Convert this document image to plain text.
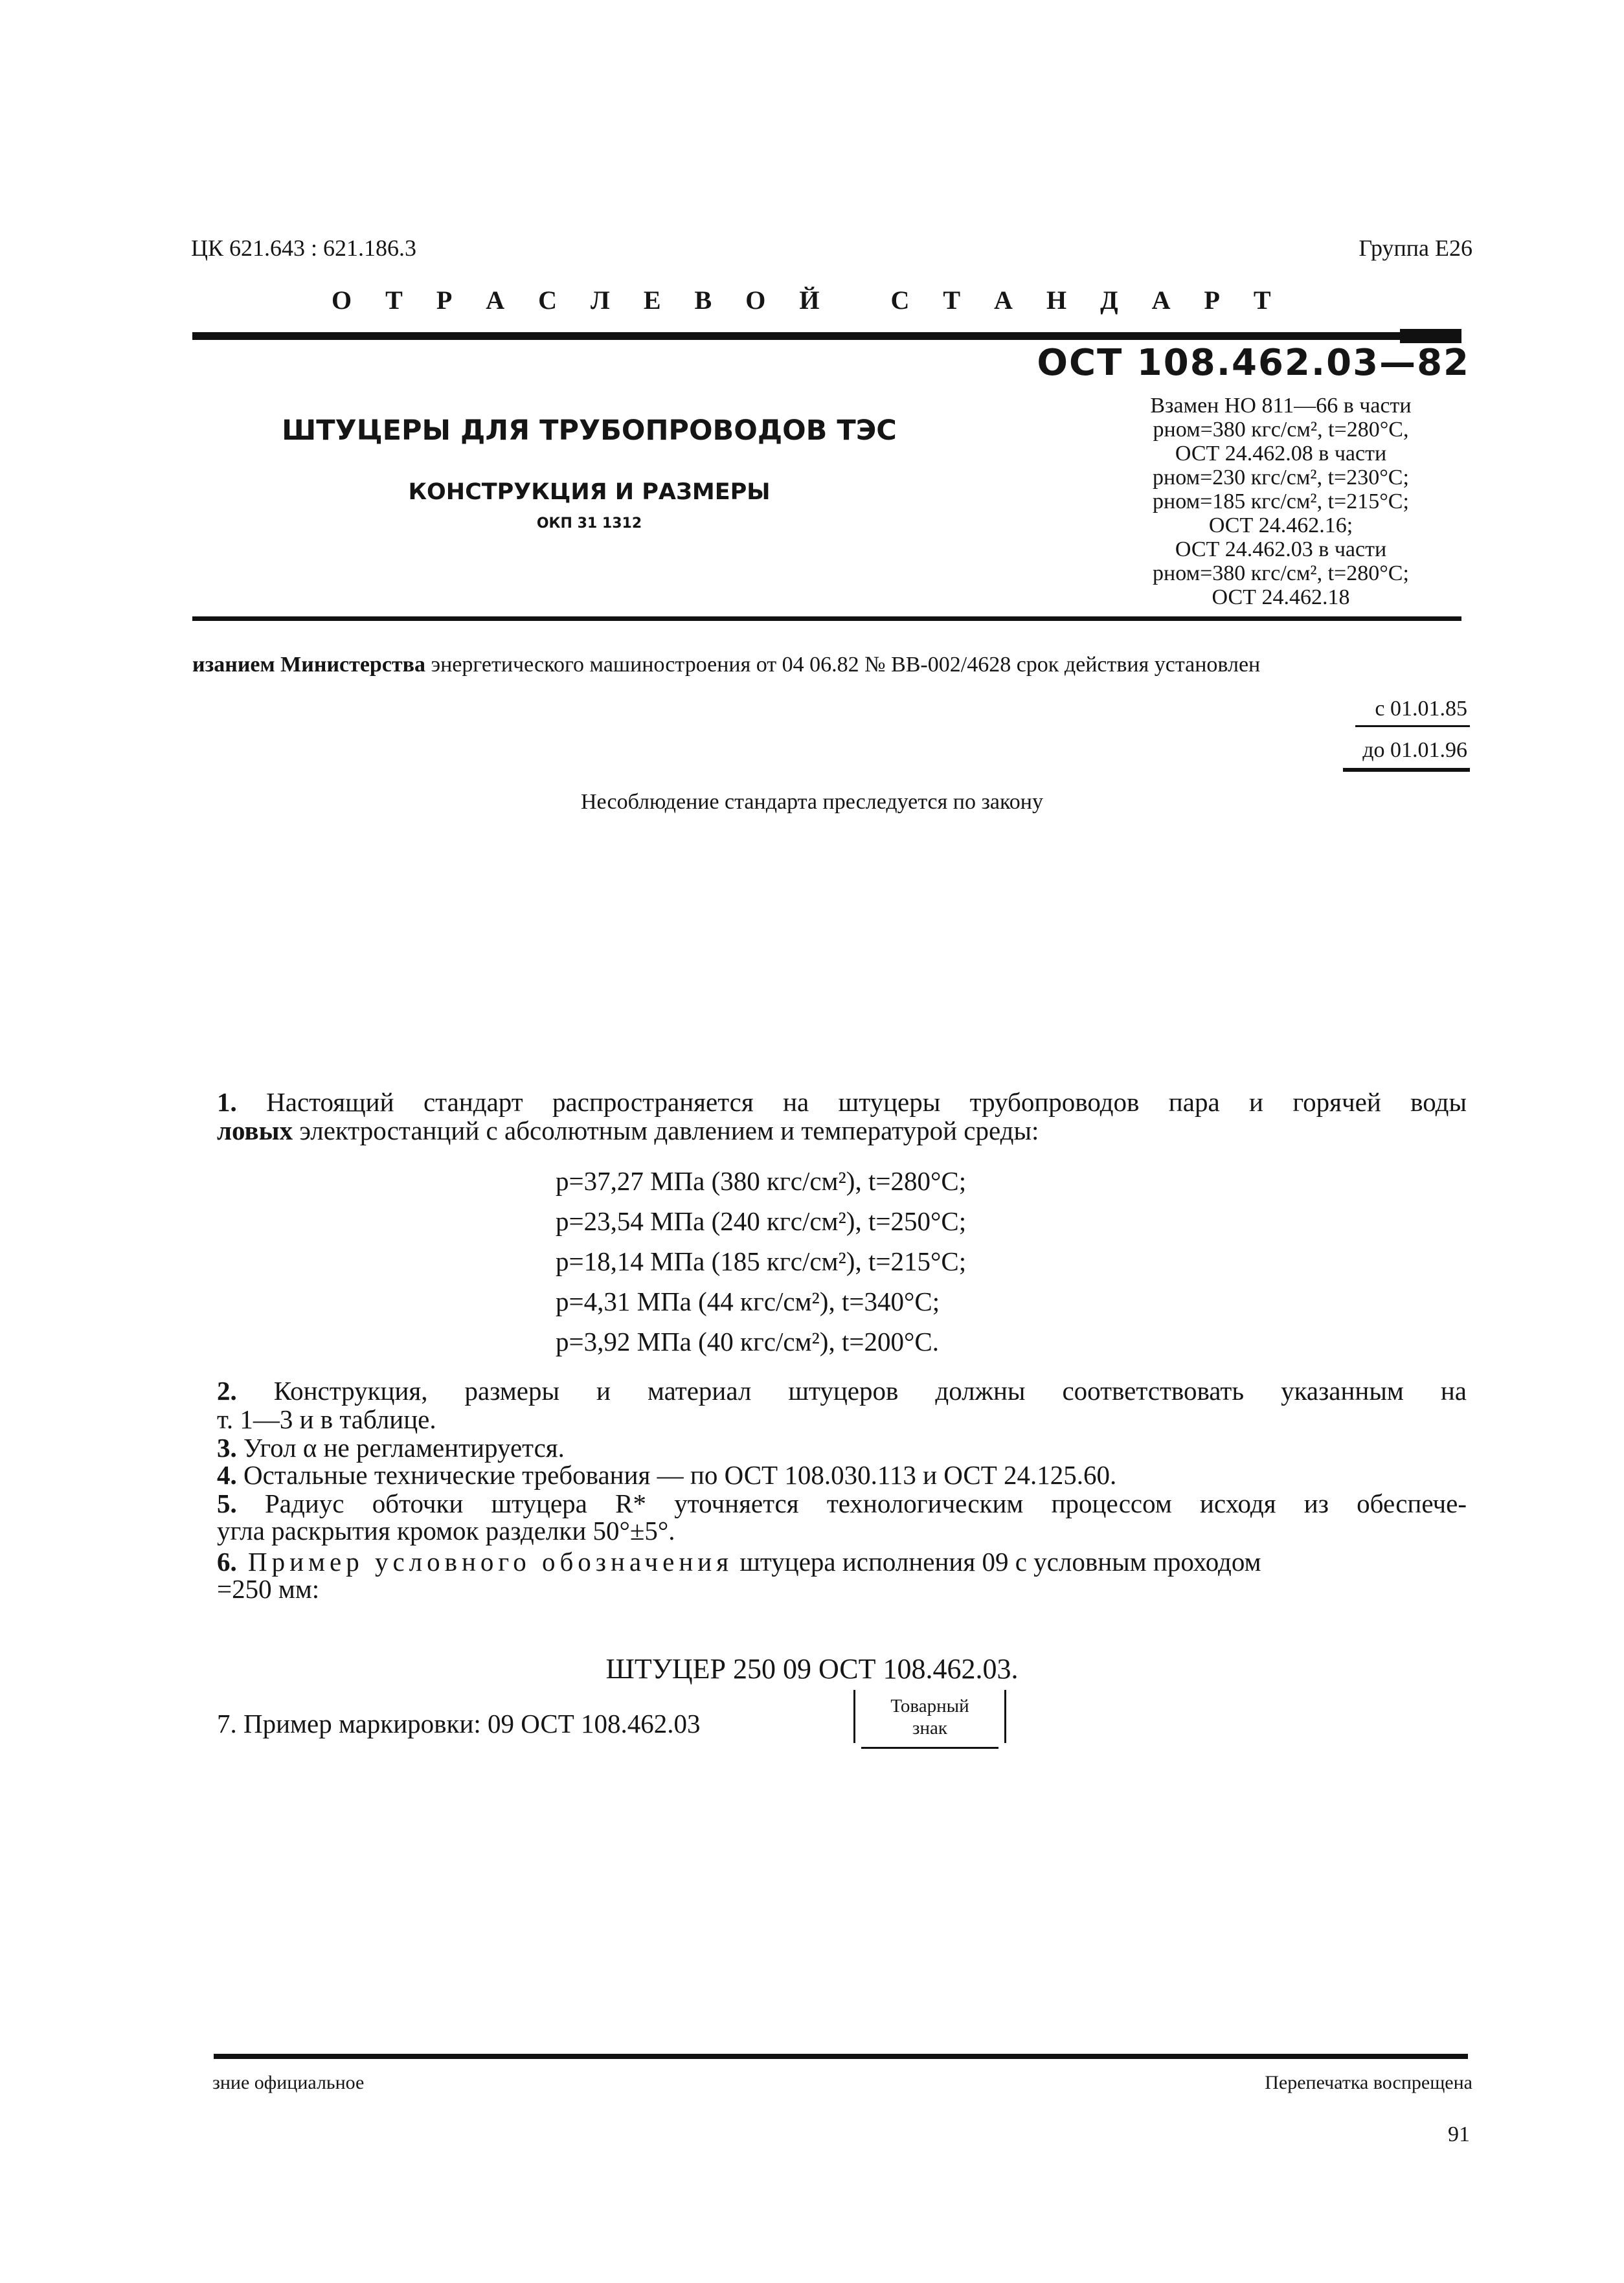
ЦК 621.643 : 621.186.3	Группа Е26
О Т Р А С Л Е В О Й	С Т А Н Д А Р Т
ОСТ 108.462.03—82
ШТУЦЕРЫ ДЛЯ ТРУБОПРОВОДОВ ТЭС
КОНСТРУКЦИЯ И РАЗМЕРЫ
ОКП 31 1312
Взамен НО 811—66 в части
pном=380 кгс/см², t=280°С,
ОСТ 24.462.08 в части
pном=230 кгс/см², t=230°С;
pном=185 кгс/см², t=215°С;
ОСТ 24.462.16;
ОСТ 24.462.03 в части
pном=380 кгс/см², t=280°С;
ОСТ 24.462.18
изанием Министерства энергетического машиностроения от 04 06.82 № ВВ-002/4628 срок действия установлен
с 01.01.85
до 01.01.96
Несоблюдение стандарта преследуется по закону
1. Настоящий стандарт распространяется на штуцеры трубопроводов пара и горячей воды
ловых электростанций с абсолютным давлением и температурой среды:
p=37,27 МПа (380 кгс/см²), t=280°С;
p=23,54 МПа (240 кгс/см²), t=250°С;
p=18,14 МПа (185 кгс/см²), t=215°С;
p=4,31 МПа (44 кгс/см²), t=340°С;
p=3,92 МПа (40 кгс/см²), t=200°С.
2. Конструкция, размеры и материал штуцеров должны соответствовать указанным на
т. 1—3 и в таблице.
3. Угол α не регламентируется.
4. Остальные технические требования — по ОСТ 108.030.113 и ОСТ 24.125.60.
5. Радиус обточки штуцера R* уточняется технологическим процессом исходя из обеспече-
угла раскрытия кромок разделки 50°±5°.
6. Пример условного обозначения штуцера исполнения 09 с условным проходом
=250 мм:
ШТУЦЕР 250 09 ОСТ 108.462.03.
7. Пример маркировки: 09 ОСТ 108.462.03
Товарный
знак
зние официальное	Перепечатка воспрещена
91
